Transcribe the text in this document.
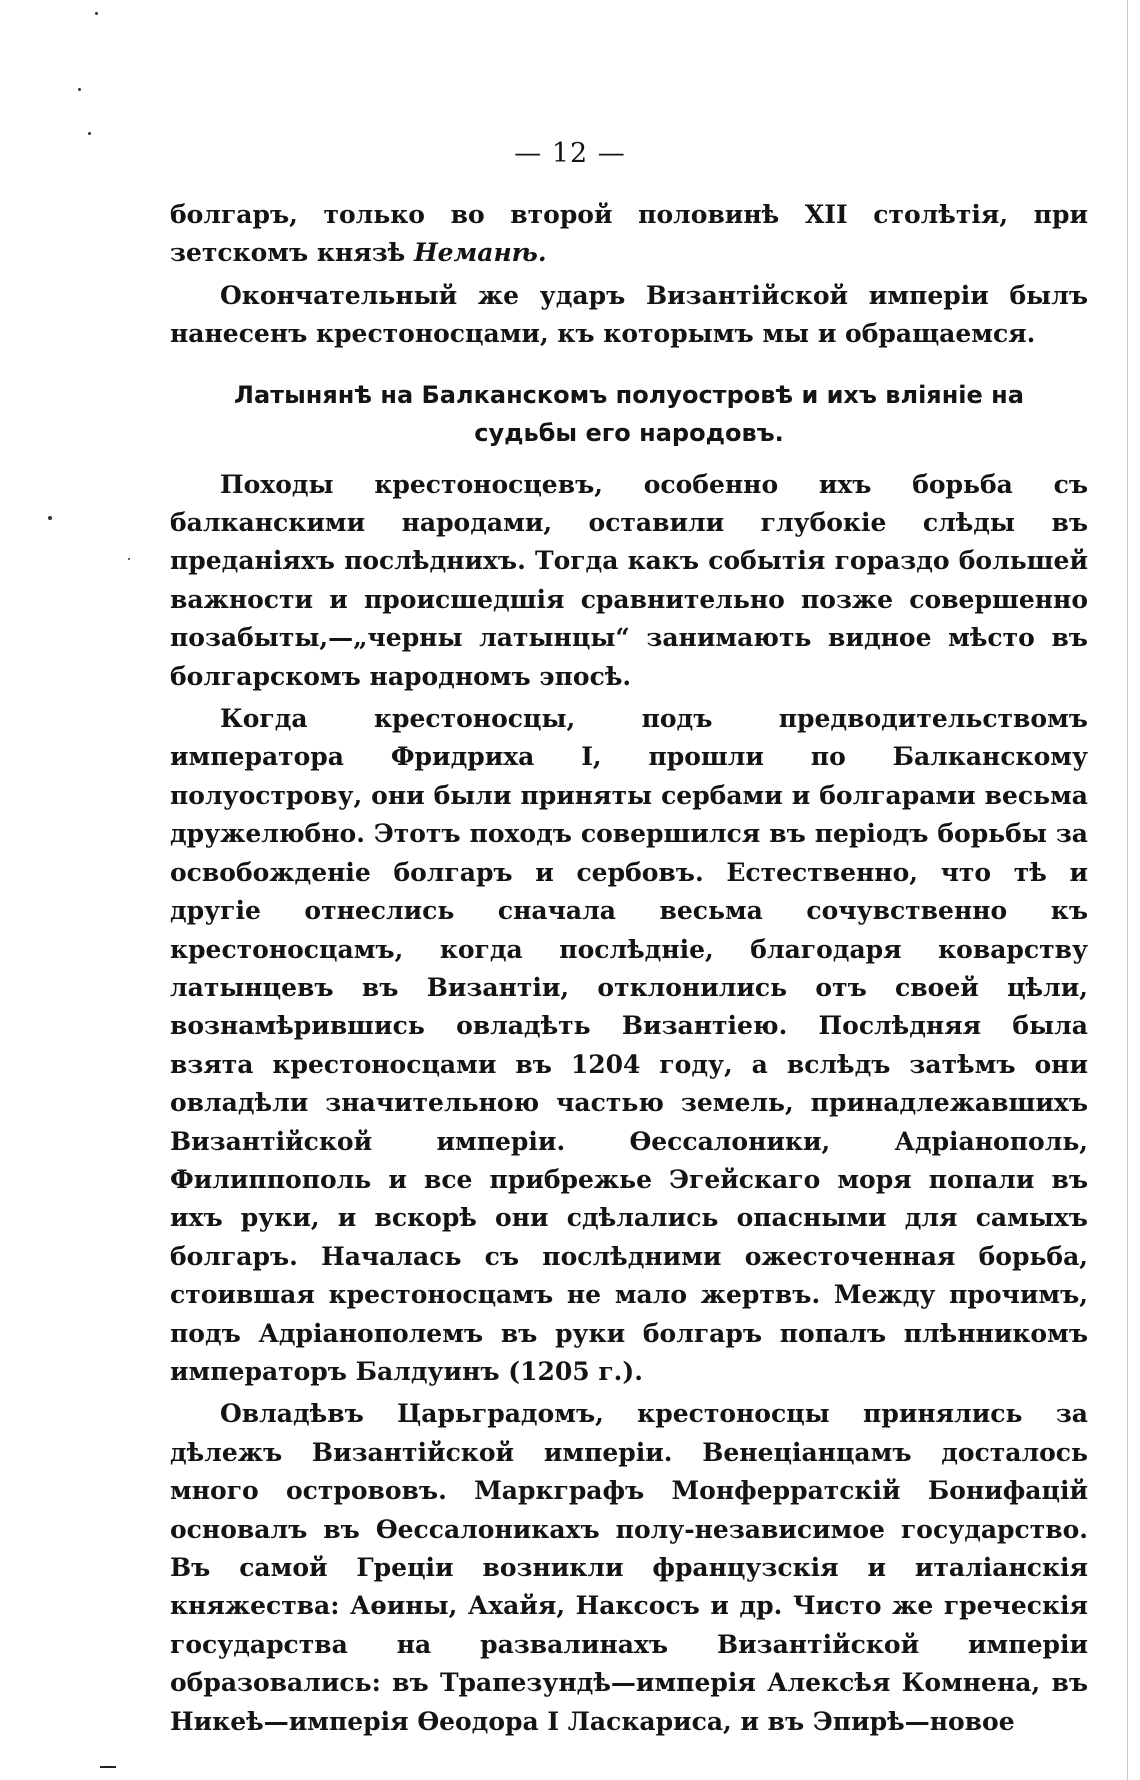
— 12 —

болгаръ, только во второй половинѣ XII столѣтія, при зетскомъ князѣ Неманѣ.

Окончательный же ударъ Византійской имперіи былъ нанесенъ крестоносцами, къ которымъ мы и обращаемся.

Латынянѣ на Балканскомъ полуостровѣ и ихъ вліяніе на судьбы его народовъ.

Походы крестоносцевъ, особенно ихъ борьба съ балканскими народами, оставили глубокіе слѣды въ преданіяхъ послѣднихъ. Тогда какъ событія гораздо большей важности и происшедшія сравнительно позже совершенно позабыты,—„черны латынцы“ занимають видное мѣсто въ болгарскомъ народномъ эпосѣ.

Когда крестоносцы, подъ предводительствомъ императора Фридриха I, прошли по Балканскому полуострову, они были приняты сербами и болгарами весьма дружелюбно. Этотъ походъ совершился въ періодъ борьбы за освобожденіе болгаръ и сербовъ. Естественно, что тѣ и другіе отнеслись сначала весьма сочувственно къ крестоносцамъ, когда послѣдніе, благодаря коварству латынцевъ въ Византіи, отклонились отъ своей цѣли, вознамѣрившись овладѣть Византіею. Послѣдняя была взята крестоносцами въ 1204 году, а вслѣдъ затѣмъ они овладѣли значительною частью земель, принадлежавшихъ Византійской имперіи. Ѳессалоники, Адріанополь, Филиппополь и все прибрежье Эгейскаго моря попали въ ихъ руки, и вскорѣ они сдѣлались опасными для самыхъ болгаръ. Началась съ послѣдними ожесточенная борьба, стоившая крестоносцамъ не мало жертвъ. Между прочимъ, подъ Адріанополемъ въ руки болгаръ попалъ плѣнникомъ императоръ Балдуинъ (1205 г.).

Овладѣвъ Царьградомъ, крестоносцы принялись за дѣлежъ Византійской имперіи. Венеціанцамъ досталось много острововъ. Маркграфъ Монферратскій Бонифацій основалъ въ Ѳессалоникахъ полу-независимое государство. Въ самой Греціи возникли французскія и италіанскія княжества: Аѳины, Ахайя, Наксосъ и др. Чисто же греческія государства на развалинахъ Византійской имперіи образовались: въ Трапезундѣ—имперія Алексѣя Комнена, въ Никеѣ—имперія Ѳеодора I Ласкариса, и въ Эпирѣ—новое
